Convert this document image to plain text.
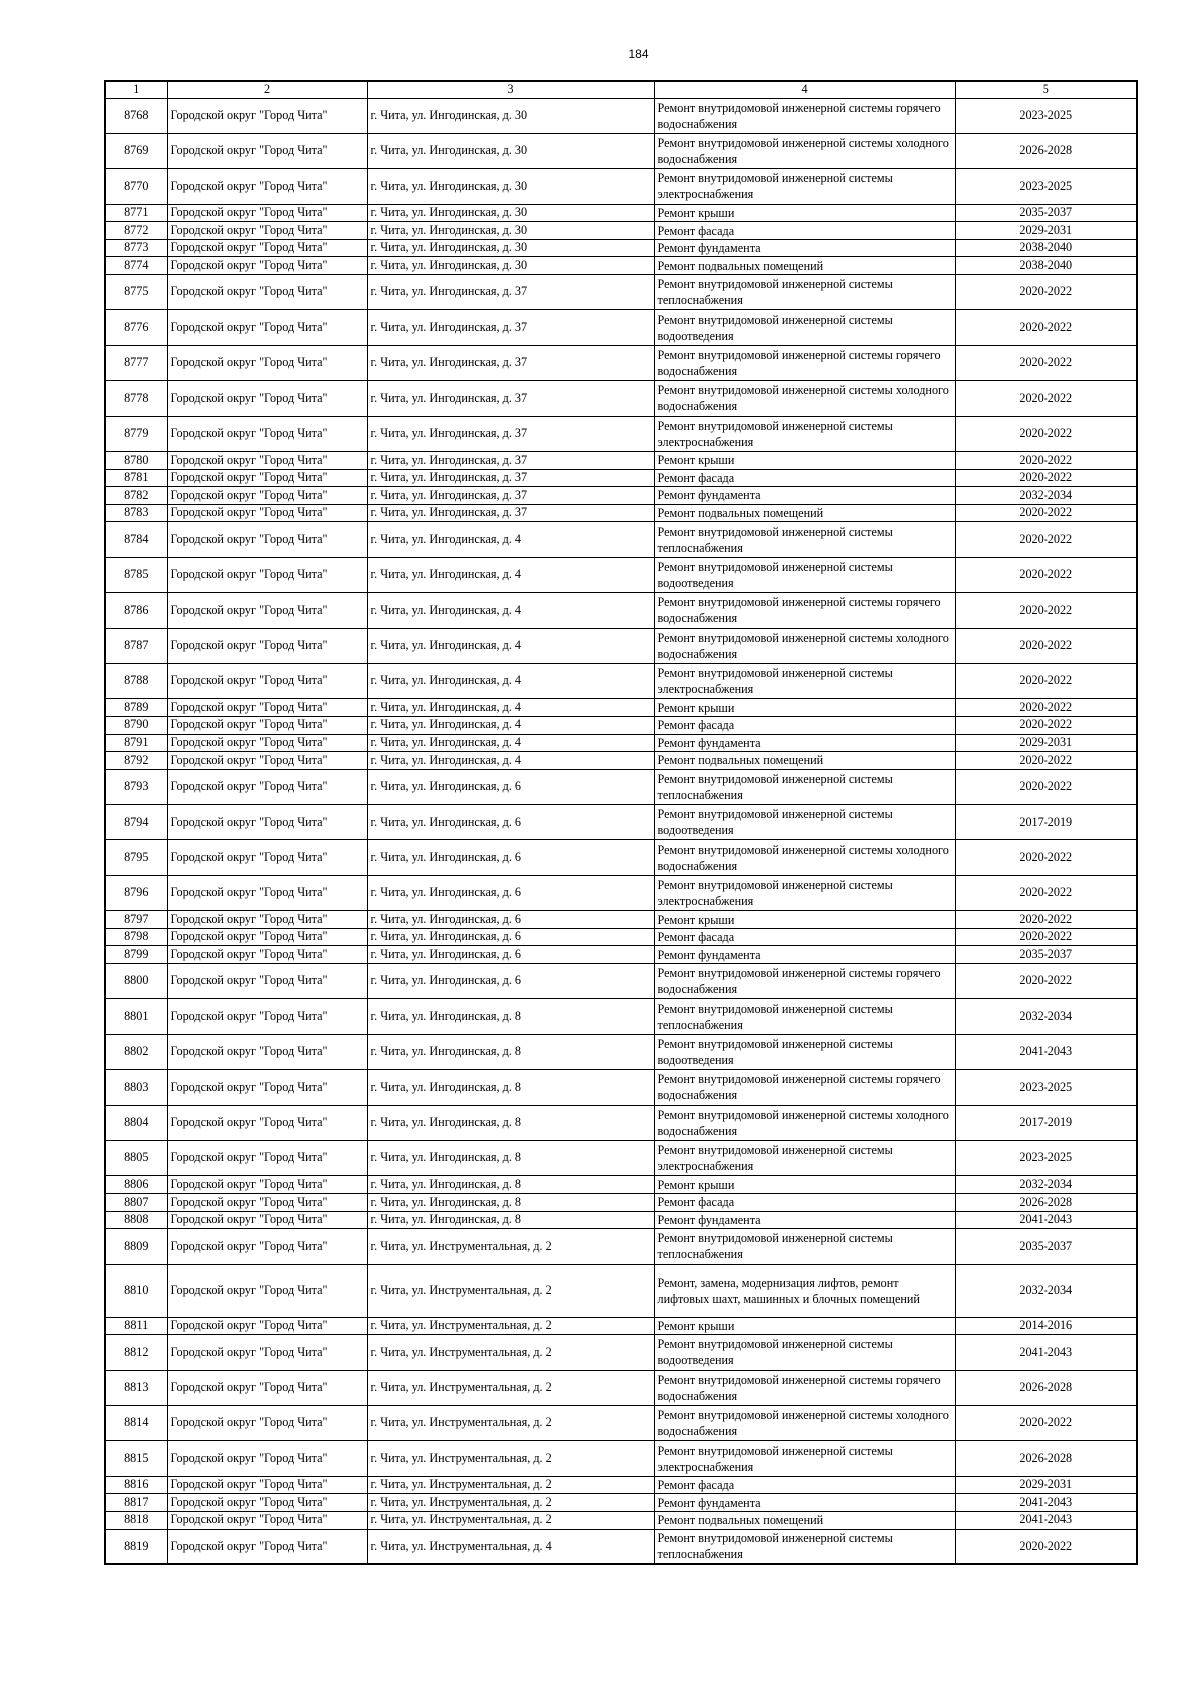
184
1	2	3	4	5
8768	Городской округ "Город Чита"	г. Чита, ул. Ингодинская, д. 30	Ремонт внутридомовой инженерной системы горячего водоснабжения	2023-2025
8769	Городской округ "Город Чита"	г. Чита, ул. Ингодинская, д. 30	Ремонт внутридомовой инженерной системы холодного водоснабжения	2026-2028
8770	Городской округ "Город Чита"	г. Чита, ул. Ингодинская, д. 30	Ремонт внутридомовой инженерной системы электроснабжения	2023-2025
8771	Городской округ "Город Чита"	г. Чита, ул. Ингодинская, д. 30	Ремонт крыши	2035-2037
8772	Городской округ "Город Чита"	г. Чита, ул. Ингодинская, д. 30	Ремонт фасада	2029-2031
8773	Городской округ "Город Чита"	г. Чита, ул. Ингодинская, д. 30	Ремонт фундамента	2038-2040
8774	Городской округ "Город Чита"	г. Чита, ул. Ингодинская, д. 30	Ремонт подвальных помещений	2038-2040
8775	Городской округ "Город Чита"	г. Чита, ул. Ингодинская, д. 37	Ремонт внутридомовой инженерной системы теплоснабжения	2020-2022
8776	Городской округ "Город Чита"	г. Чита, ул. Ингодинская, д. 37	Ремонт внутридомовой инженерной системы водоотведения	2020-2022
8777	Городской округ "Город Чита"	г. Чита, ул. Ингодинская, д. 37	Ремонт внутридомовой инженерной системы горячего водоснабжения	2020-2022
8778	Городской округ "Город Чита"	г. Чита, ул. Ингодинская, д. 37	Ремонт внутридомовой инженерной системы холодного водоснабжения	2020-2022
8779	Городской округ "Город Чита"	г. Чита, ул. Ингодинская, д. 37	Ремонт внутридомовой инженерной системы электроснабжения	2020-2022
8780	Городской округ "Город Чита"	г. Чита, ул. Ингодинская, д. 37	Ремонт крыши	2020-2022
8781	Городской округ "Город Чита"	г. Чита, ул. Ингодинская, д. 37	Ремонт фасада	2020-2022
8782	Городской округ "Город Чита"	г. Чита, ул. Ингодинская, д. 37	Ремонт фундамента	2032-2034
8783	Городской округ "Город Чита"	г. Чита, ул. Ингодинская, д. 37	Ремонт подвальных помещений	2020-2022
8784	Городской округ "Город Чита"	г. Чита, ул. Ингодинская, д. 4	Ремонт внутридомовой инженерной системы теплоснабжения	2020-2022
8785	Городской округ "Город Чита"	г. Чита, ул. Ингодинская, д. 4	Ремонт внутридомовой инженерной системы водоотведения	2020-2022
8786	Городской округ "Город Чита"	г. Чита, ул. Ингодинская, д. 4	Ремонт внутридомовой инженерной системы горячего водоснабжения	2020-2022
8787	Городской округ "Город Чита"	г. Чита, ул. Ингодинская, д. 4	Ремонт внутридомовой инженерной системы холодного водоснабжения	2020-2022
8788	Городской округ "Город Чита"	г. Чита, ул. Ингодинская, д. 4	Ремонт внутридомовой инженерной системы электроснабжения	2020-2022
8789	Городской округ "Город Чита"	г. Чита, ул. Ингодинская, д. 4	Ремонт крыши	2020-2022
8790	Городской округ "Город Чита"	г. Чита, ул. Ингодинская, д. 4	Ремонт фасада	2020-2022
8791	Городской округ "Город Чита"	г. Чита, ул. Ингодинская, д. 4	Ремонт фундамента	2029-2031
8792	Городской округ "Город Чита"	г. Чита, ул. Ингодинская, д. 4	Ремонт подвальных помещений	2020-2022
8793	Городской округ "Город Чита"	г. Чита, ул. Ингодинская, д. 6	Ремонт внутридомовой инженерной системы теплоснабжения	2020-2022
8794	Городской округ "Город Чита"	г. Чита, ул. Ингодинская, д. 6	Ремонт внутридомовой инженерной системы водоотведения	2017-2019
8795	Городской округ "Город Чита"	г. Чита, ул. Ингодинская, д. 6	Ремонт внутридомовой инженерной системы холодного водоснабжения	2020-2022
8796	Городской округ "Город Чита"	г. Чита, ул. Ингодинская, д. 6	Ремонт внутридомовой инженерной системы электроснабжения	2020-2022
8797	Городской округ "Город Чита"	г. Чита, ул. Ингодинская, д. 6	Ремонт крыши	2020-2022
8798	Городской округ "Город Чита"	г. Чита, ул. Ингодинская, д. 6	Ремонт фасада	2020-2022
8799	Городской округ "Город Чита"	г. Чита, ул. Ингодинская, д. 6	Ремонт фундамента	2035-2037
8800	Городской округ "Город Чита"	г. Чита, ул. Ингодинская, д. 6	Ремонт внутридомовой инженерной системы горячего водоснабжения	2020-2022
8801	Городской округ "Город Чита"	г. Чита, ул. Ингодинская, д. 8	Ремонт внутридомовой инженерной системы теплоснабжения	2032-2034
8802	Городской округ "Город Чита"	г. Чита, ул. Ингодинская, д. 8	Ремонт внутридомовой инженерной системы водоотведения	2041-2043
8803	Городской округ "Город Чита"	г. Чита, ул. Ингодинская, д. 8	Ремонт внутридомовой инженерной системы горячего водоснабжения	2023-2025
8804	Городской округ "Город Чита"	г. Чита, ул. Ингодинская, д. 8	Ремонт внутридомовой инженерной системы холодного водоснабжения	2017-2019
8805	Городской округ "Город Чита"	г. Чита, ул. Ингодинская, д. 8	Ремонт внутридомовой инженерной системы электроснабжения	2023-2025
8806	Городской округ "Город Чита"	г. Чита, ул. Ингодинская, д. 8	Ремонт крыши	2032-2034
8807	Городской округ "Город Чита"	г. Чита, ул. Ингодинская, д. 8	Ремонт фасада	2026-2028
8808	Городской округ "Город Чита"	г. Чита, ул. Ингодинская, д. 8	Ремонт фундамента	2041-2043
8809	Городской округ "Город Чита"	г. Чита, ул. Инструментальная, д. 2	Ремонт внутридомовой инженерной системы теплоснабжения	2035-2037
8810	Городской округ "Город Чита"	г. Чита, ул. Инструментальная, д. 2	Ремонт, замена, модернизация лифтов, ремонт лифтовых шахт, машинных и блочных помещений	2032-2034
8811	Городской округ "Город Чита"	г. Чита, ул. Инструментальная, д. 2	Ремонт крыши	2014-2016
8812	Городской округ "Город Чита"	г. Чита, ул. Инструментальная, д. 2	Ремонт внутридомовой инженерной системы водоотведения	2041-2043
8813	Городской округ "Город Чита"	г. Чита, ул. Инструментальная, д. 2	Ремонт внутридомовой инженерной системы горячего водоснабжения	2026-2028
8814	Городской округ "Город Чита"	г. Чита, ул. Инструментальная, д. 2	Ремонт внутридомовой инженерной системы холодного водоснабжения	2020-2022
8815	Городской округ "Город Чита"	г. Чита, ул. Инструментальная, д. 2	Ремонт внутридомовой инженерной системы электроснабжения	2026-2028
8816	Городской округ "Город Чита"	г. Чита, ул. Инструментальная, д. 2	Ремонт фасада	2029-2031
8817	Городской округ "Город Чита"	г. Чита, ул. Инструментальная, д. 2	Ремонт фундамента	2041-2043
8818	Городской округ "Город Чита"	г. Чита, ул. Инструментальная, д. 2	Ремонт подвальных помещений	2041-2043
8819	Городской округ "Город Чита"	г. Чита, ул. Инструментальная, д. 4	Ремонт внутридомовой инженерной системы теплоснабжения	2020-2022
